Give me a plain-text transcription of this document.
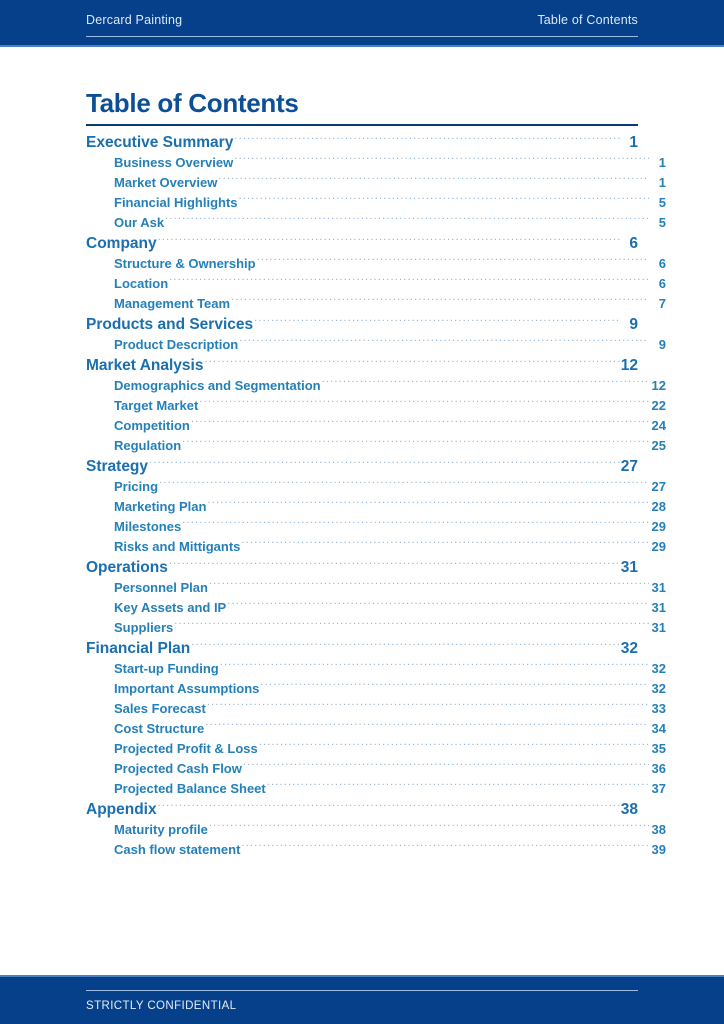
Dercard Painting	Table of Contents
Table of Contents
Executive Summary .....	1
Business Overview .....	1
Market Overview .....	1
Financial Highlights .....	5
Our Ask .....	5
Company .....	6
Structure & Ownership .....	6
Location .....	6
Management Team .....	7
Products and Services .....	9
Product Description .....	9
Market Analysis .....	12
Demographics and Segmentation .....	12
Target Market .....	22
Competition .....	24
Regulation .....	25
Strategy .....	27
Pricing .....	27
Marketing Plan .....	28
Milestones .....	29
Risks and Mittigants .....	29
Operations .....	31
Personnel Plan .....	31
Key Assets and IP .....	31
Suppliers .....	31
Financial Plan .....	32
Start-up Funding .....	32
Important Assumptions .....	32
Sales Forecast .....	33
Cost Structure .....	34
Projected Profit & Loss .....	35
Projected Cash Flow .....	36
Projected Balance Sheet .....	37
Appendix .....	38
Maturity profile .....	38
Cash flow statement .....	39
STRICTLY CONFIDENTIAL
